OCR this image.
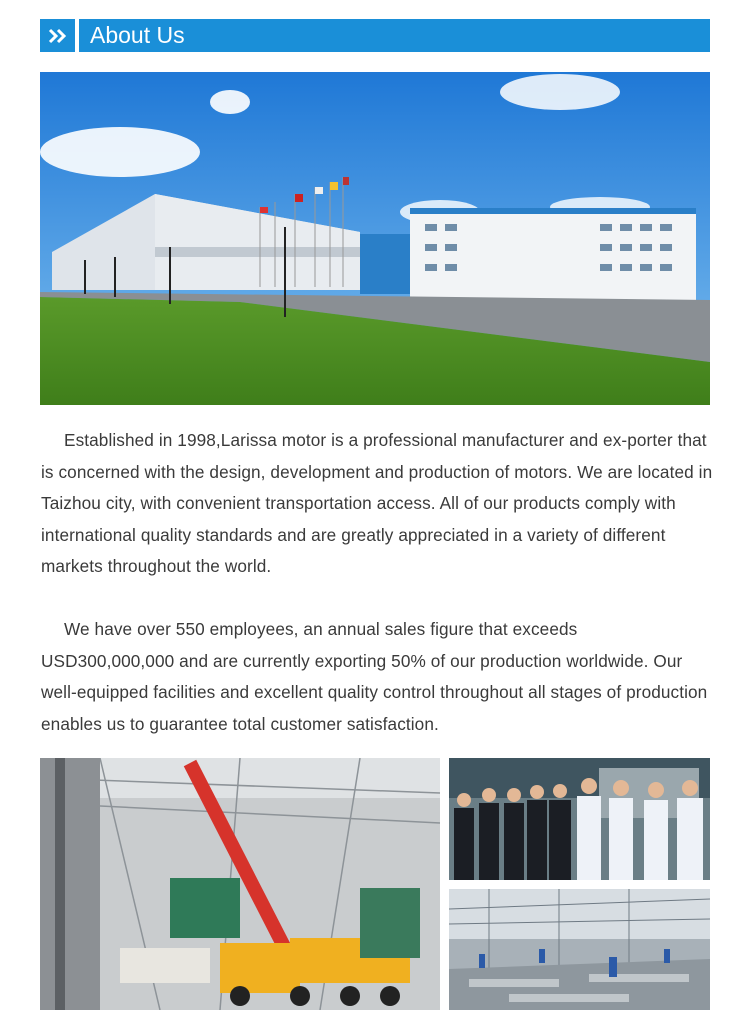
About Us

Established in 1998,Larissa motor is a professional manufacturer and ex-porter that is concerned with the design, development and production of motors. We are located in Taizhou city, with convenient transportation access. All of our products comply with international quality standards and are greatly appreciated in a variety of different markets throughout the world.

We have over 550 employees, an annual sales figure that exceeds USD300,000,000 and are currently exporting 50% of our production worldwide. Our well-equipped facilities and excellent quality control throughout all stages of production enables us to guarantee total customer satisfaction.
